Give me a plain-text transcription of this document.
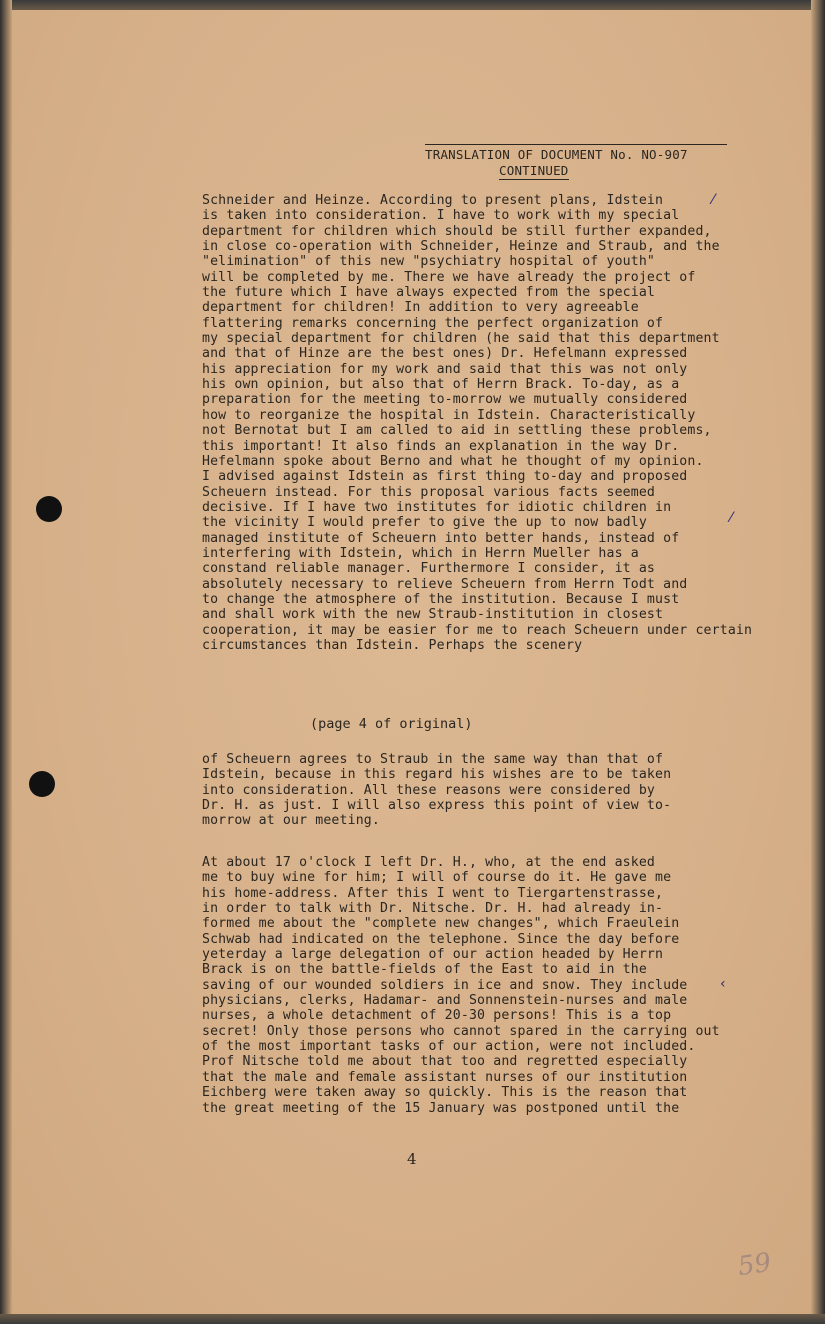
TRANSLATION OF DOCUMENT No. NO-907
CONTINUED
Schneider and Heinze. According to present plans, Idstein
is taken into consideration. I have to work with my special
department for children which should be still further expanded,
in close co-operation with Schneider, Heinze and Straub, and the
"elimination" of this new "psychiatry hospital of youth"
will be completed by me. There we have already the project of
the future which I have always expected from the special
department for children! In addition to very agreeable
flattering remarks concerning the perfect organization of
my special department for children (he said that this department
and that of Hinze are the best ones) Dr. Hefelmann expressed
his appreciation for my work and said that this was not only
his own opinion, but also that of Herrn Brack. To-day, as a
preparation for the meeting to-morrow we mutually considered
how to reorganize the hospital in Idstein. Characteristically
not Bernotat but I am called to aid in settling these problems,
this important! It also finds an explanation in the way Dr.
Hefelmann spoke about Berno and what he thought of my opinion.
I advised against Idstein as first thing to-day and proposed
Scheuern instead. For this proposal various facts seemed
decisive. If I have two institutes for idiotic children in
the vicinity I would prefer to give the up to now badly
managed institute of Scheuern into better hands, instead of
interfering with Idstein, which in Herrn Mueller has a
constand reliable manager. Furthermore I consider, it as
absolutely necessary to relieve Scheuern from Herrn Todt and
to change the atmosphere of the institution. Because I must
and shall work with the new Straub-institution in closest
cooperation, it may be easier for me to reach Scheuern under certain
circumstances than Idstein. Perhaps the scenery
(page 4 of original)
of Scheuern agrees to Straub in the same way than that of
Idstein, because in this regard his wishes are to be taken
into consideration. All these reasons were considered by
Dr. H. as just. I will also express this point of view to-
morrow at our meeting.
At about 17 o'clock I left Dr. H., who, at the end asked
me to buy wine for him; I will of course do it. He gave me
his home-address. After this I went to Tiergartenstrasse,
in order to talk with Dr. Nitsche. Dr. H. had already in-
formed me about the "complete new changes", which Fraeulein
Schwab had indicated on the telephone. Since the day before
yeterday a large delegation of our action headed by Herrn
Brack is on the battle-fields of the East to aid in the
saving of our wounded soldiers in ice and snow. They include
physicians, clerks, Hadamar- and Sonnenstein-nurses and male
nurses, a whole detachment of 20-30 persons! This is a top
secret! Only those persons who cannot spared in the carrying out
of the most important tasks of our action, were not included.
Prof Nitsche told me about that too and regretted especially
that the male and female assistant nurses of our institution
Eichberg were taken away so quickly. This is the reason that
the great meeting of the 15 January was postponed until the
4
59
⁄
⁄
‹
